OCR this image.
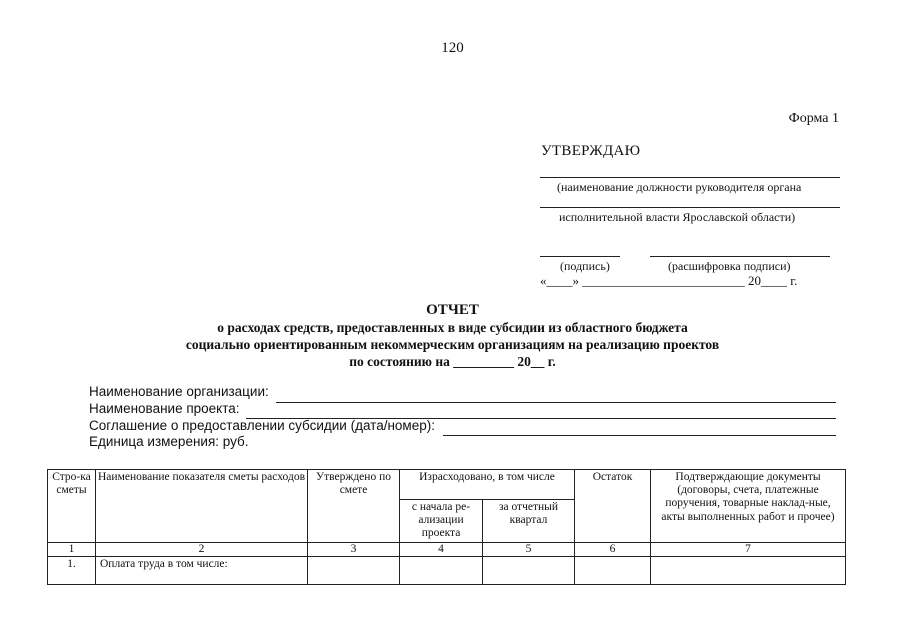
120
Форма 1
УТВЕРЖДАЮ
(наименование должности руководителя органа
исполнительной власти Ярославской области)
(подпись)	(расшифровка подписи)
«____» _________________________ 20____ г.
ОТЧЕТ
о расходах средств, предоставленных в виде субсидии из областного бюджета
социально ориентированным некоммерческим организациям на реализацию проектов
по состоянию на _________ 20__ г.
Наименование организации:
Наименование проекта:
Соглашение о предоставлении субсидии (дата/номер):
Единица измерения: руб.
Стро-ка сметы	Наименование показателя сметы расходов	Утверждено по смете	Израсходовано, в том числе		Остаток	Подтверждающие документы (договоры, счета, платежные поручения, товарные наклад-ные, акты выполненных работ и прочее)
			с начала ре-ализации проекта	за отчетный квартал		
1	2	3	4	5	6	7
1.	Оплата труда в том числе:					
